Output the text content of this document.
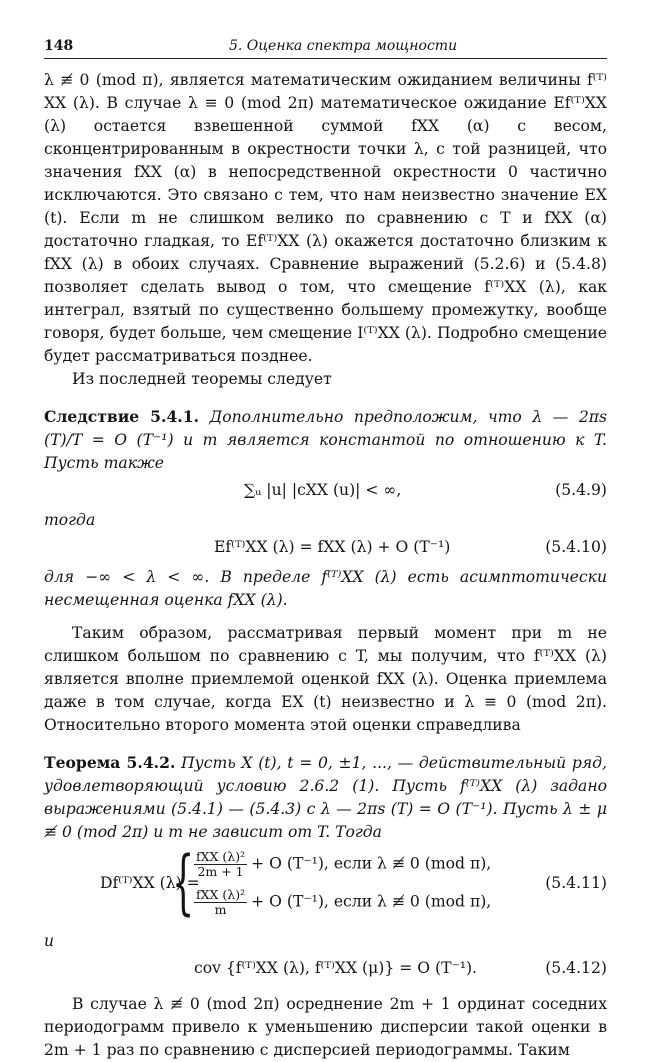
148	5. Оценка спектра мощности

λ ≢ 0 (mod π), является математическим ожиданием величины f⁽ᵀ⁾XX (λ). В случае λ ≡ 0 (mod 2π) математическое ожидание Ef⁽ᵀ⁾XX (λ) остается взвешенной суммой fXX (α) с весом, сконцентрированным в окрестности точки λ, с той разницей, что значения fXX (α) в непосредственной окрестности 0 частично исключаются. Это связано с тем, что нам неизвестно значение EX (t). Если m не слишком велико по сравнению с T и fXX (α) достаточно гладкая, то Ef⁽ᵀ⁾XX (λ) окажется достаточно близким к fXX (λ) в обоих случаях. Сравнение выражений (5.2.6) и (5.4.8) позволяет сделать вывод о том, что смещение f⁽ᵀ⁾XX (λ), как интеграл, взятый по существенно большему промежутку, вообще говоря, будет больше, чем смещение I⁽ᵀ⁾XX (λ). Подробно смещение будет рассматриваться позднее.

Из последней теоремы следует

Следствие 5.4.1. Дополнительно предположим, что λ — 2πs (T)/T = O (T⁻¹) и m является константой по отношению к T. Пусть также

∑ᵤ |u| |cXX (u)| < ∞,	(5.4.9)

тогда

Ef⁽ᵀ⁾XX (λ) = fXX (λ) + O (T⁻¹)	(5.4.10)

для −∞ < λ < ∞. В пределе f⁽ᵀ⁾XX (λ) есть асимптотически несмещенная оценка fXX (λ).

Таким образом, рассматривая первый момент при m не слишком большом по сравнению с T, мы получим, что f⁽ᵀ⁾XX (λ) является вполне приемлемой оценкой fXX (λ). Оценка приемлема даже в том случае, когда EX (t) неизвестно и λ ≡ 0 (mod 2π). Относительно второго момента этой оценки справедлива

Теорема 5.4.2. Пусть X (t), t = 0, ±1, ..., — действительный ряд, удовлетворяющий условию 2.6.2 (1). Пусть f⁽ᵀ⁾XX (λ) задано выражениями (5.4.1) — (5.4.3) с λ — 2πs (T) = O (T⁻¹). Пусть λ ± μ ≢ 0 (mod 2π) и m не зависит от T. Тогда

Df⁽ᵀ⁾XX (λ) =
{ $\frac{\text{fXX (λ)²}}{2m + 1} + O$ (T⁻¹), если λ ≢ 0 (mod π),
$\frac{\text{fXX (λ)²}}{m} + O$ (T⁻¹), если λ ≢ 0 (mod π),
(5.4.11)

и

cov {f⁽ᵀ⁾XX (λ), f⁽ᵀ⁾XX (μ)} = O (T⁻¹).	(5.4.12)

В случае λ ≢ 0 (mod 2π) осреднение 2m + 1 ординат соседних периодограмм привело к уменьшению дисперсии такой оценки в 2m + 1 раз по сравнению с дисперсией периодограммы. Таким
